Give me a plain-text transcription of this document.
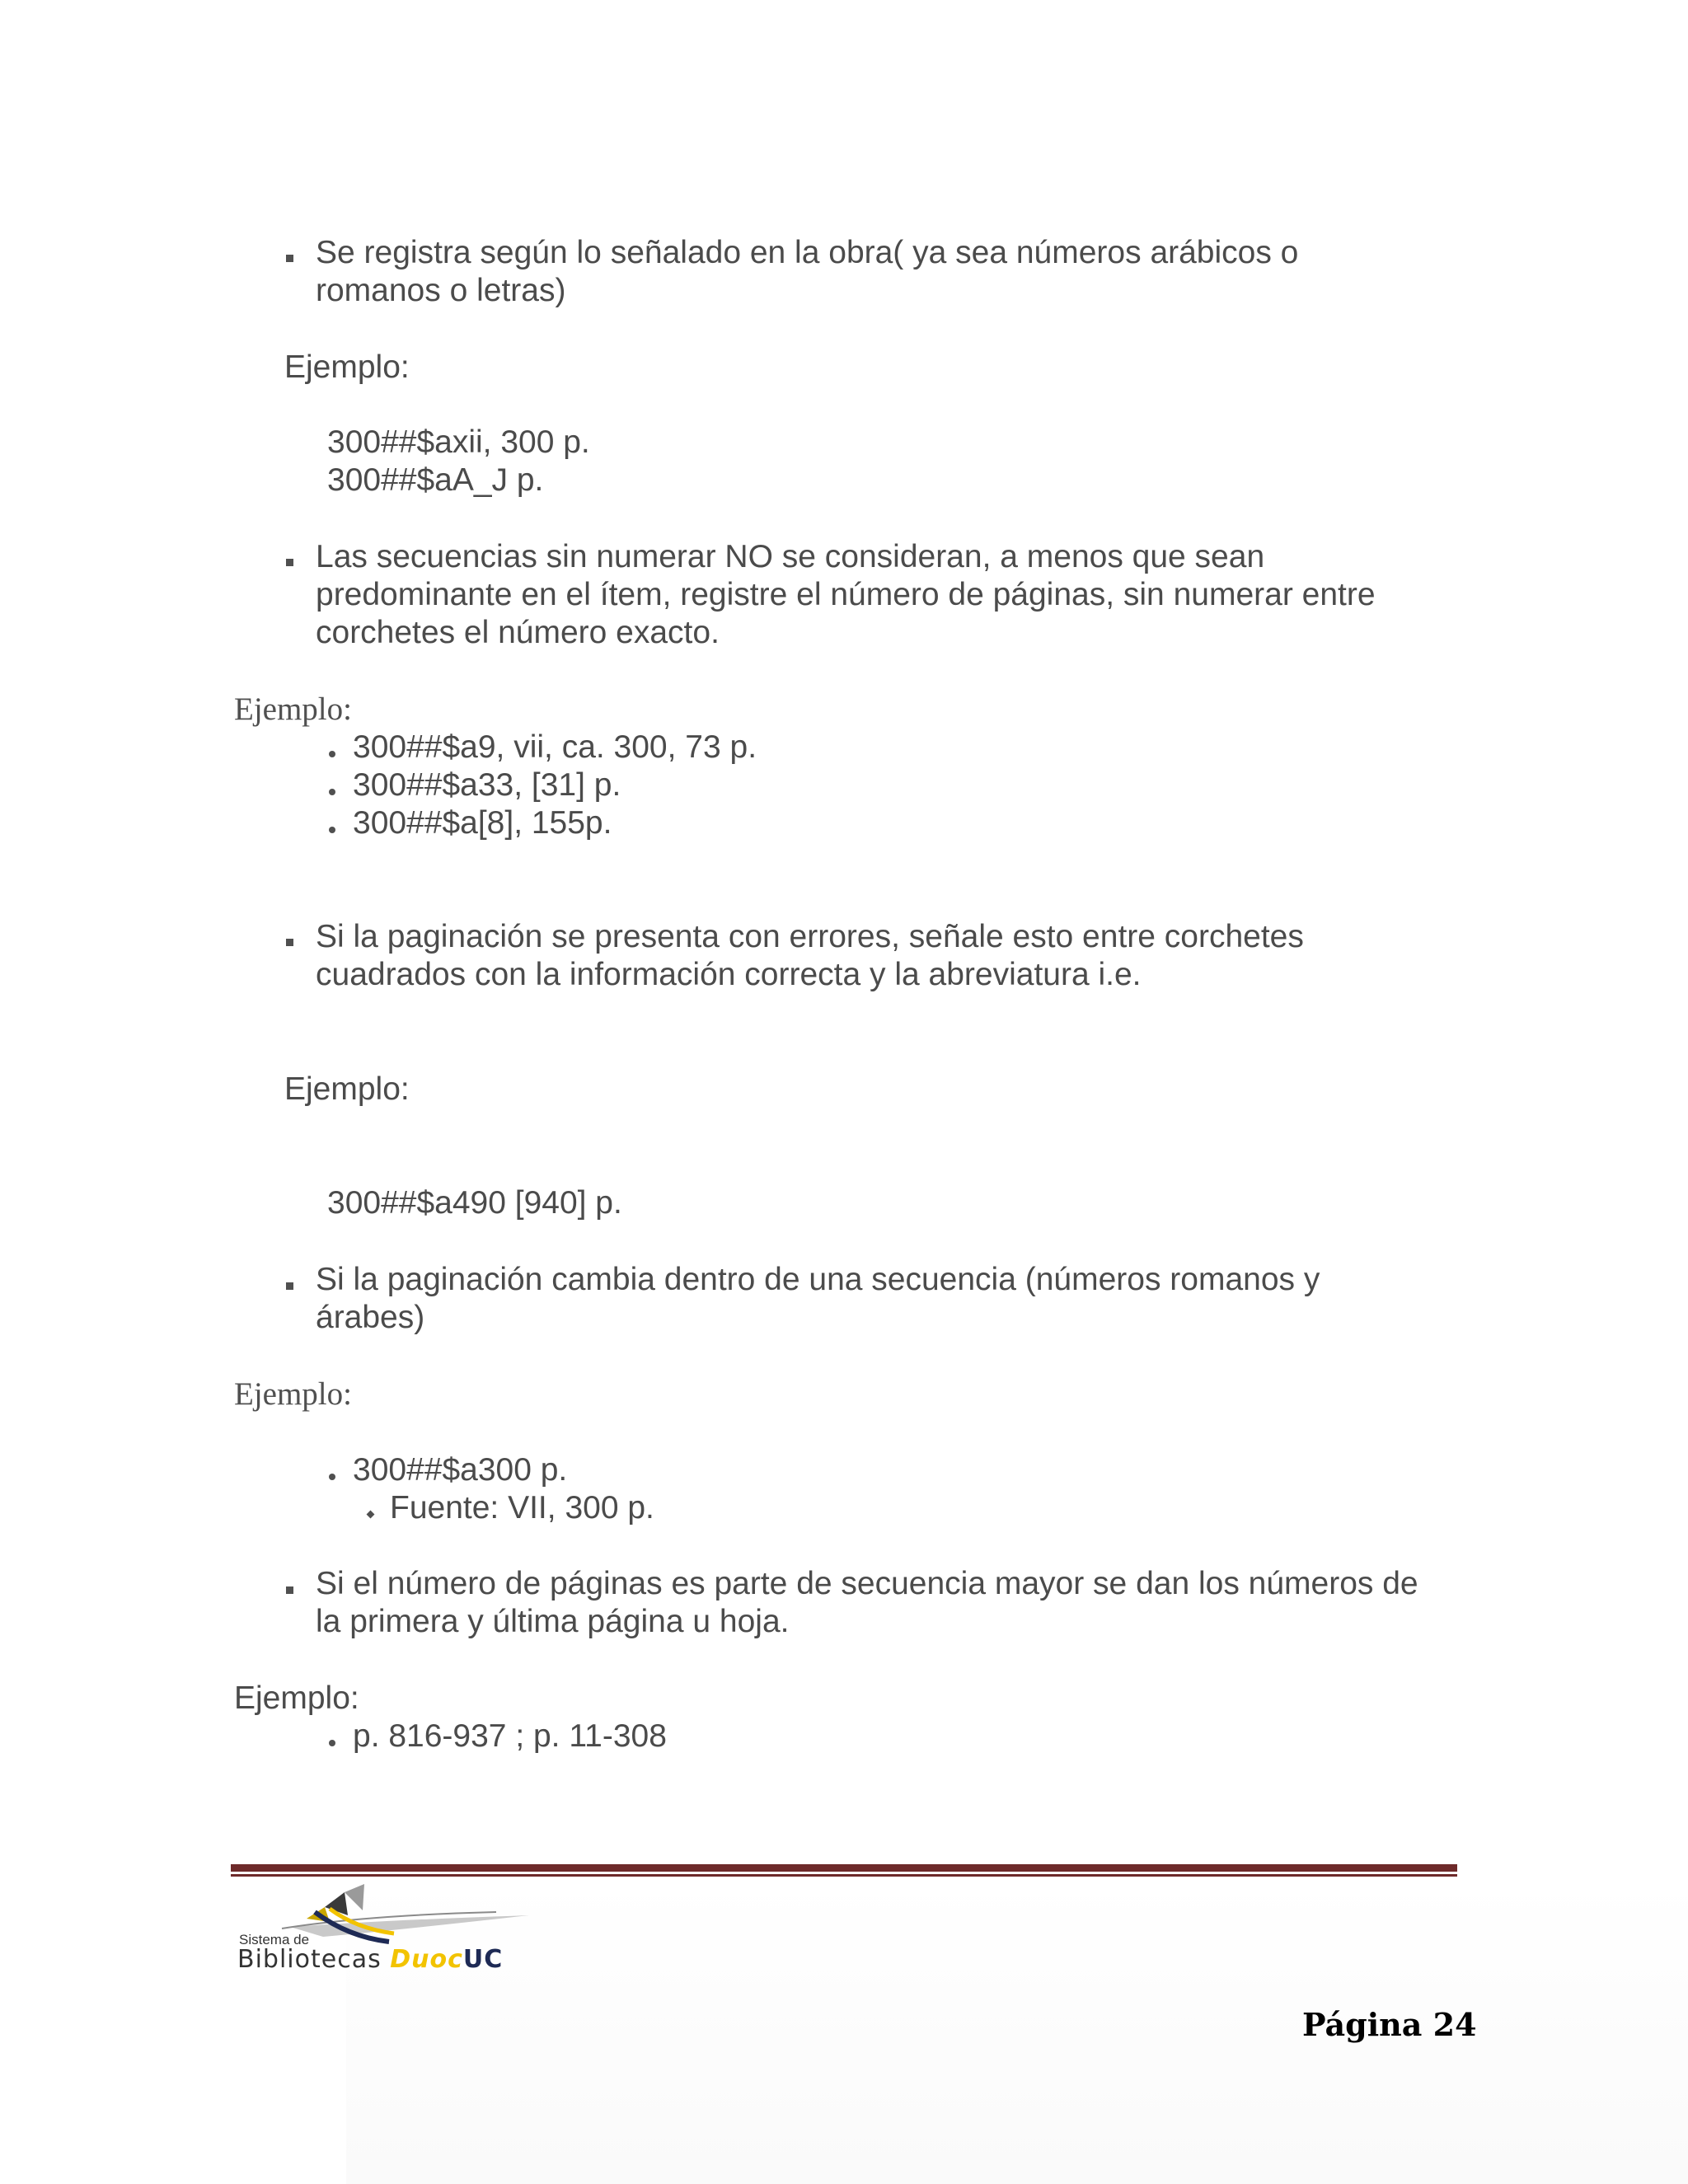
Se registra según lo señalado en la obra( ya sea números arábicos o
romanos o letras)
Ejemplo:
300##$axii, 300 p.
300##$aA_J p.
Las secuencias sin numerar NO se consideran, a menos que sean
predominante en el ítem, registre el número de páginas, sin numerar entre
corchetes el número exacto.
Ejemplo:
300##$a9, vii, ca. 300, 73 p.
300##$a33, [31] p.
300##$a[8], 155p.
Si la paginación se presenta con errores, señale esto entre corchetes
cuadrados con la información correcta y la abreviatura i.e.
Ejemplo:
300##$a490 [940] p.
Si la paginación cambia dentro de una secuencia (números romanos y
árabes)
Ejemplo:
300##$a300 p.
Fuente: VII, 300 p.
Si el número de páginas es parte de secuencia mayor se dan los números de
la primera y última página u hoja.
Ejemplo:
p. 816-937 ; p. 11-308
Sistema de
Bibliotecas DuocUC
Página 24
